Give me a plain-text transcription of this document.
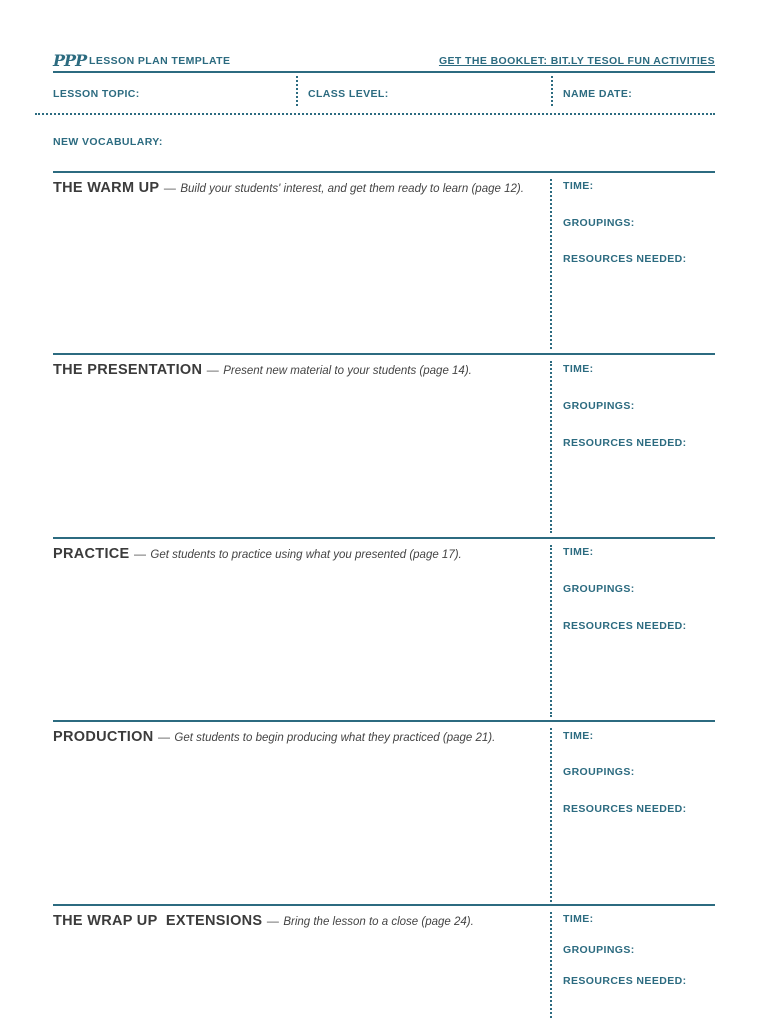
PPP LESSON PLAN TEMPLATE	GET THE BOOKLET: BIT.LY TESOL FUN ACTIVITIES
LESSON TOPIC:	CLASS LEVEL:	NAME DATE:
NEW VOCABULARY:
THE WARM UP — Build your students' interest, and get them ready to learn (page 12).	TIME:
GROUPINGS:
RESOURCES NEEDED:
THE PRESENTATION — Present new material to your students (page 14).	TIME:
GROUPINGS:
RESOURCES NEEDED:
PRACTICE — Get students to practice using what you presented (page 17).	TIME:
GROUPINGS:
RESOURCES NEEDED:
PRODUCTION — Get students to begin producing what they practiced (page 21).	TIME:
GROUPINGS:
RESOURCES NEEDED:
THE WRAP UP  EXTENSIONS — Bring the lesson to a close (page 24).	TIME:
GROUPINGS:
RESOURCES NEEDED:
